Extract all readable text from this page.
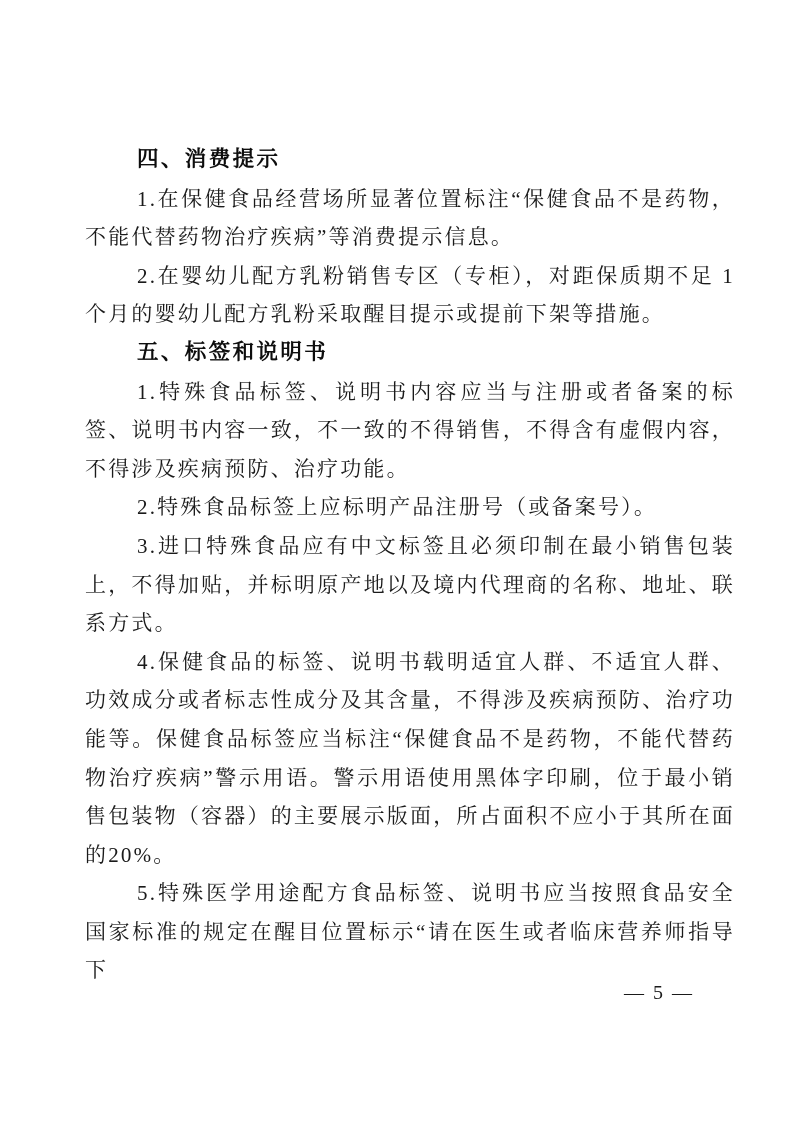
四、消费提示

1.在保健食品经营场所显著位置标注“保健食品不是药物，不能代替药物治疗疾病”等消费提示信息。

2.在婴幼儿配方乳粉销售专区（专柜），对距保质期不足 1 个月的婴幼儿配方乳粉采取醒目提示或提前下架等措施。

五、标签和说明书

1.特殊食品标签、说明书内容应当与注册或者备案的标签、说明书内容一致，不一致的不得销售，不得含有虚假内容，不得涉及疾病预防、治疗功能。

2.特殊食品标签上应标明产品注册号（或备案号）。

3.进口特殊食品应有中文标签且必须印制在最小销售包装上，不得加贴，并标明原产地以及境内代理商的名称、地址、联系方式。

4.保健食品的标签、说明书载明适宜人群、不适宜人群、功效成分或者标志性成分及其含量，不得涉及疾病预防、治疗功能等。保健食品标签应当标注“保健食品不是药物，不能代替药物治疗疾病”警示用语。警示用语使用黑体字印刷，位于最小销售包装物（容器）的主要展示版面，所占面积不应小于其所在面的20%。

5.特殊医学用途配方食品标签、说明书应当按照食品安全国家标准的规定在醒目位置标示“请在医生或者临床营养师指导下

— 5 —
